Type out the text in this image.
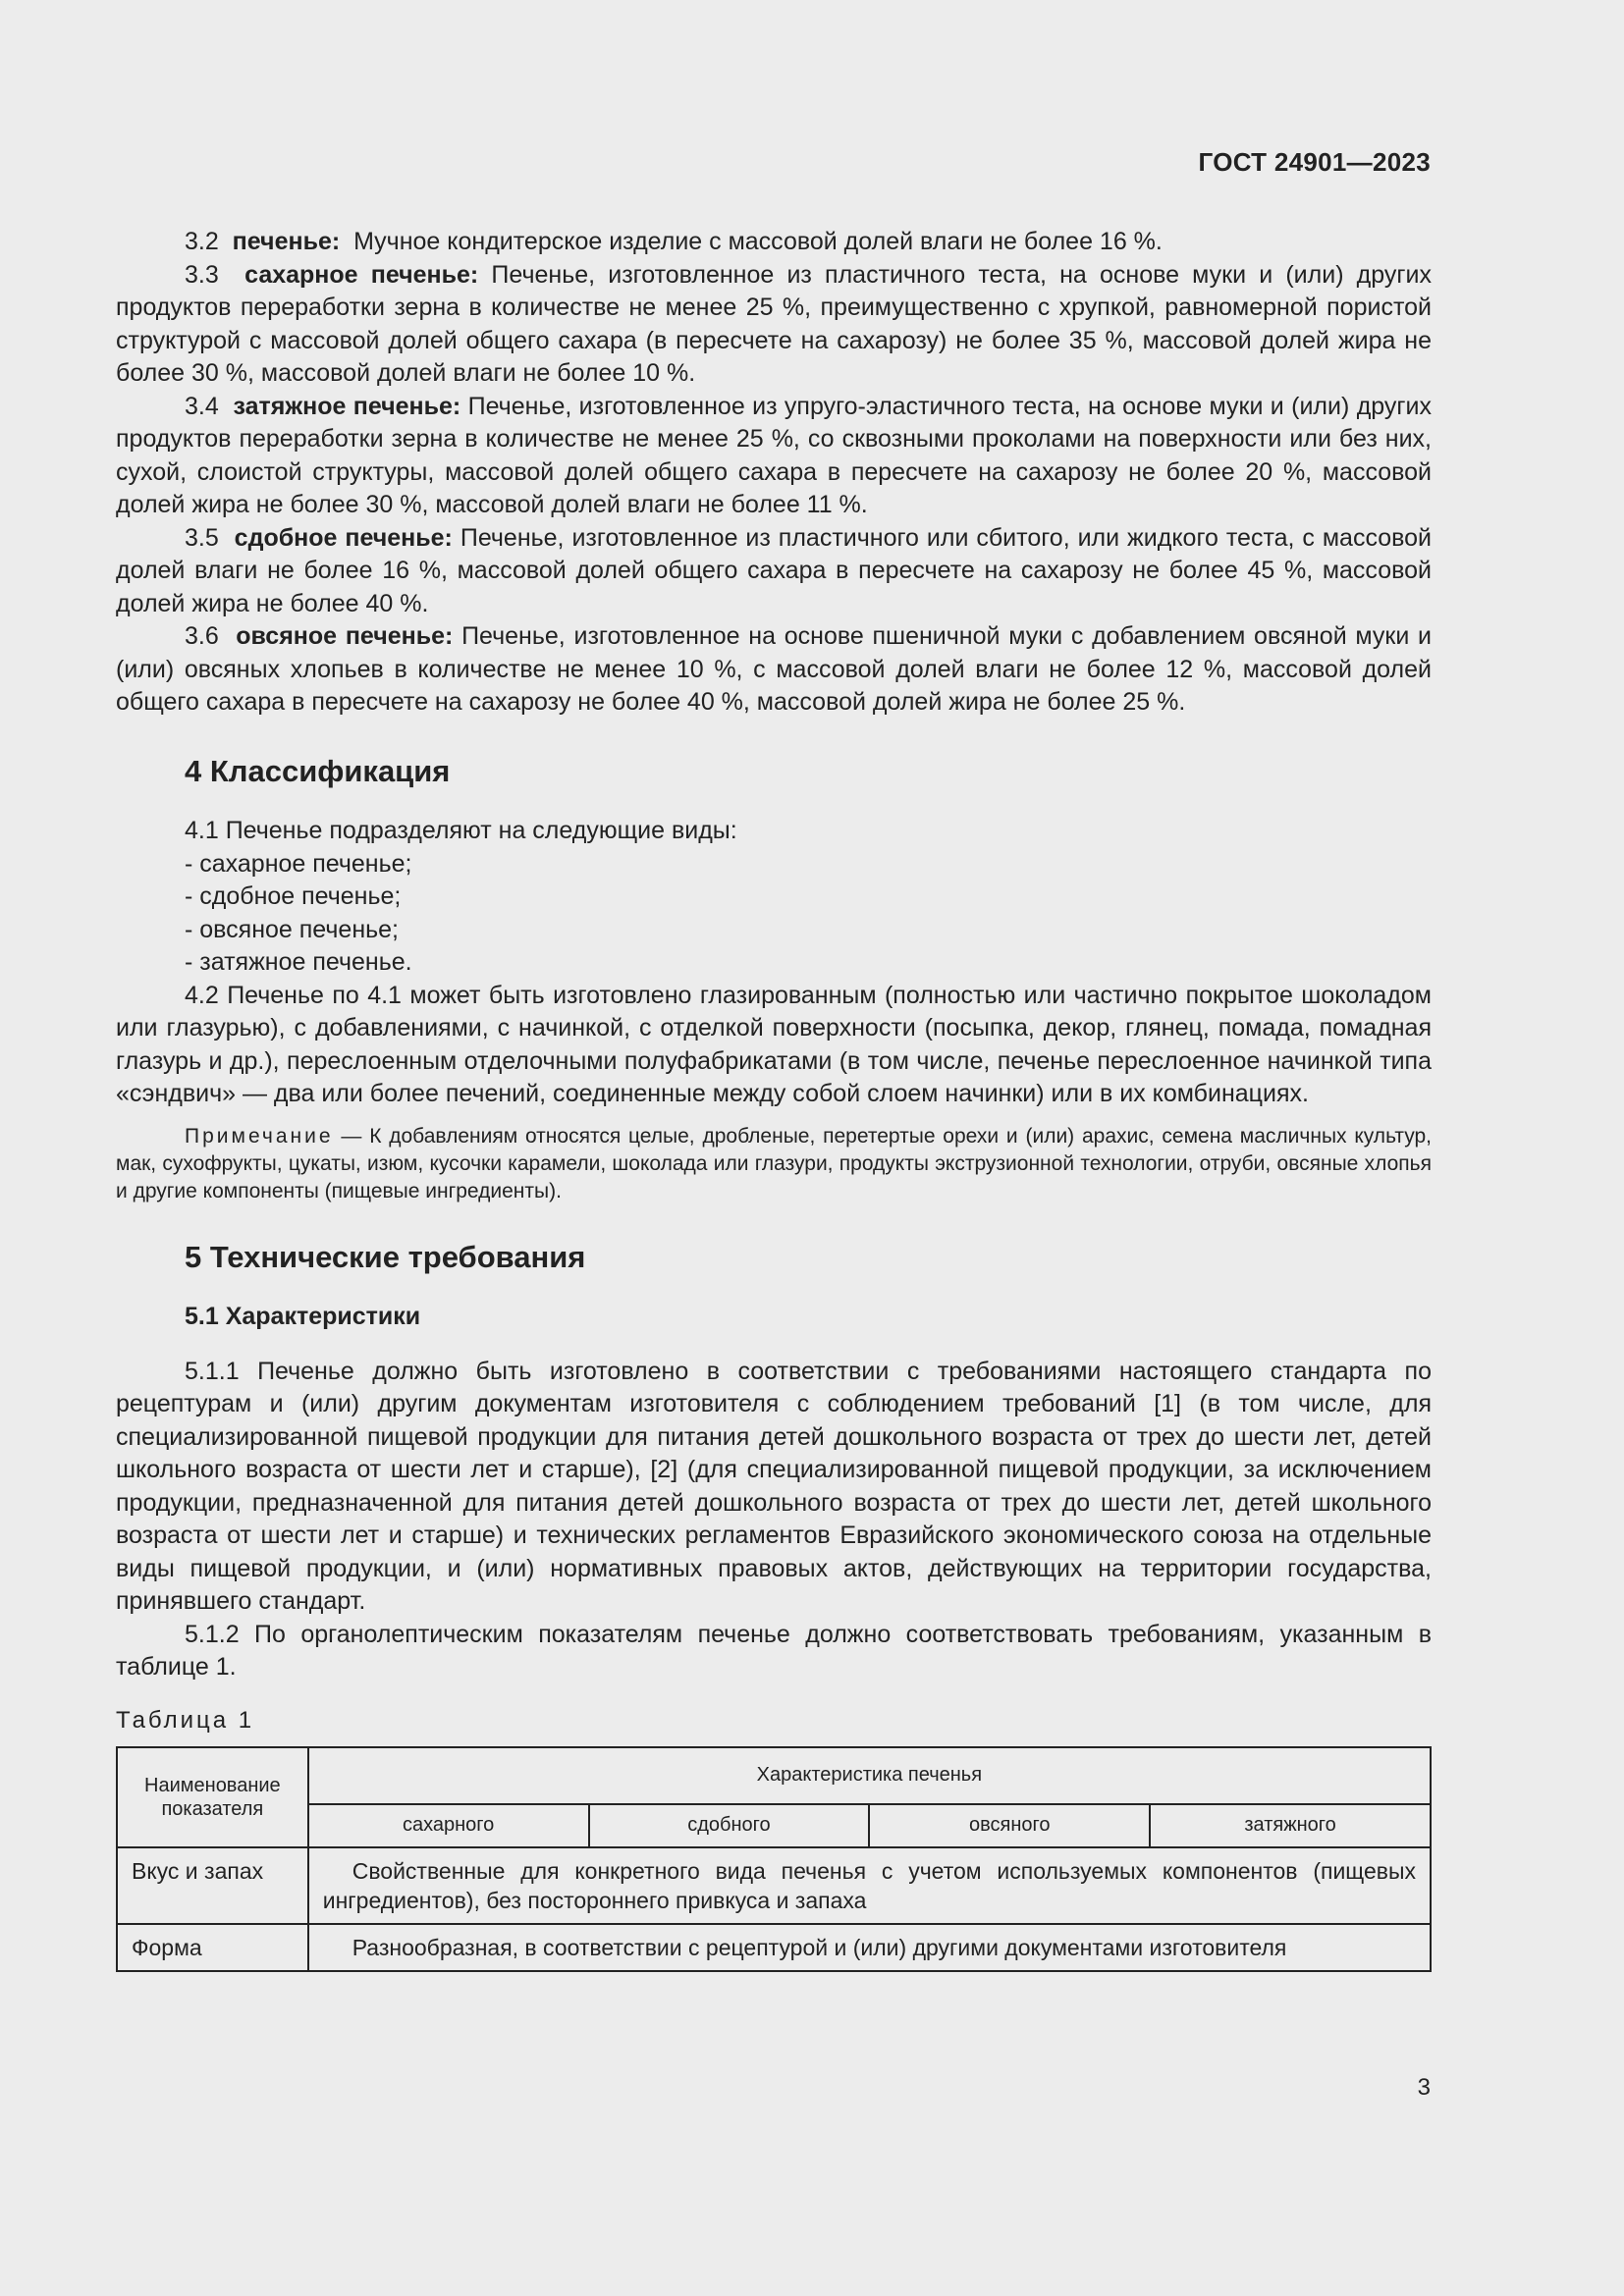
ГОСТ 24901—2023

3.2 печенье: Мучное кондитерское изделие с массовой долей влаги не более 16 %.

3.3 сахарное печенье: Печенье, изготовленное из пластичного теста, на основе муки и (или) других продуктов переработки зерна в количестве не менее 25 %, преимущественно с хрупкой, равномерной пористой структурой с массовой долей общего сахара (в пересчете на сахарозу) не более 35 %, массовой долей жира не более 30 %, массовой долей влаги не более 10 %.

3.4 затяжное печенье: Печенье, изготовленное из упруго-эластичного теста, на основе муки и (или) других продуктов переработки зерна в количестве не менее 25 %, со сквозными проколами на поверхности или без них, сухой, слоистой структуры, массовой долей общего сахара в пересчете на сахарозу не более 20 %, массовой долей жира не более 30 %, массовой долей влаги не более 11 %.

3.5 сдобное печенье: Печенье, изготовленное из пластичного или сбитого, или жидкого теста, с массовой долей влаги не более 16 %, массовой долей общего сахара в пересчете на сахарозу не более 45 %, массовой долей жира не более 40 %.

3.6 овсяное печенье: Печенье, изготовленное на основе пшеничной муки с добавлением овсяной муки и (или) овсяных хлопьев в количестве не менее 10 %, с массовой долей влаги не более 12 %, массовой долей общего сахара в пересчете на сахарозу не более 40 %, массовой долей жира не более 25 %.

4 Классификация

4.1 Печенье подразделяют на следующие виды:

- сахарное печенье;

- сдобное печенье;

- овсяное печенье;

- затяжное печенье.

4.2 Печенье по 4.1 может быть изготовлено глазированным (полностью или частично покрытое шоколадом или глазурью), с добавлениями, с начинкой, с отделкой поверхности (посыпка, декор, глянец, помада, помадная глазурь и др.), переслоенным отделочными полуфабрикатами (в том числе, печенье переслоенное начинкой типа «сэндвич» — два или более печений, соединенные между собой слоем начинки) или в их комбинациях.

Примечание — К добавлениям относятся целые, дробленые, перетертые орехи и (или) арахис, семена масличных культур, мак, сухофрукты, цукаты, изюм, кусочки карамели, шоколада или глазури, продукты экструзионной технологии, отруби, овсяные хлопья и другие компоненты (пищевые ингредиенты).

5 Технические требования
5.1 Характеристики

5.1.1 Печенье должно быть изготовлено в соответствии с требованиями настоящего стандарта по рецептурам и (или) другим документам изготовителя с соблюдением требований [1] (в том числе, для специализированной пищевой продукции для питания детей дошкольного возраста от трех до шести лет, детей школьного возраста от шести лет и старше), [2] (для специализированной пищевой продукции, за исключением продукции, предназначенной для питания детей дошкольного возраста от трех до шести лет, детей школьного возраста от шести лет и старше) и технических регламентов Евразийского экономического союза на отдельные виды пищевой продукции, и (или) нормативных правовых актов, действующих на территории государства, принявшего стандарт.

5.1.2 По органолептическим показателям печенье должно соответствовать требованиям, указанным в таблице 1.

Таблица 1
Наименование показателя	Характеристика печенья			
	сахарного	сдобного	овсяного	затяжного
Вкус и запах	Свойственные для конкретного вида печенья с учетом используемых компонентов (пищевых ингредиентов), без постороннего привкуса и запаха			
Форма	Разнообразная, в соответствии с рецептурой и (или) другими документами изготовителя			
3
